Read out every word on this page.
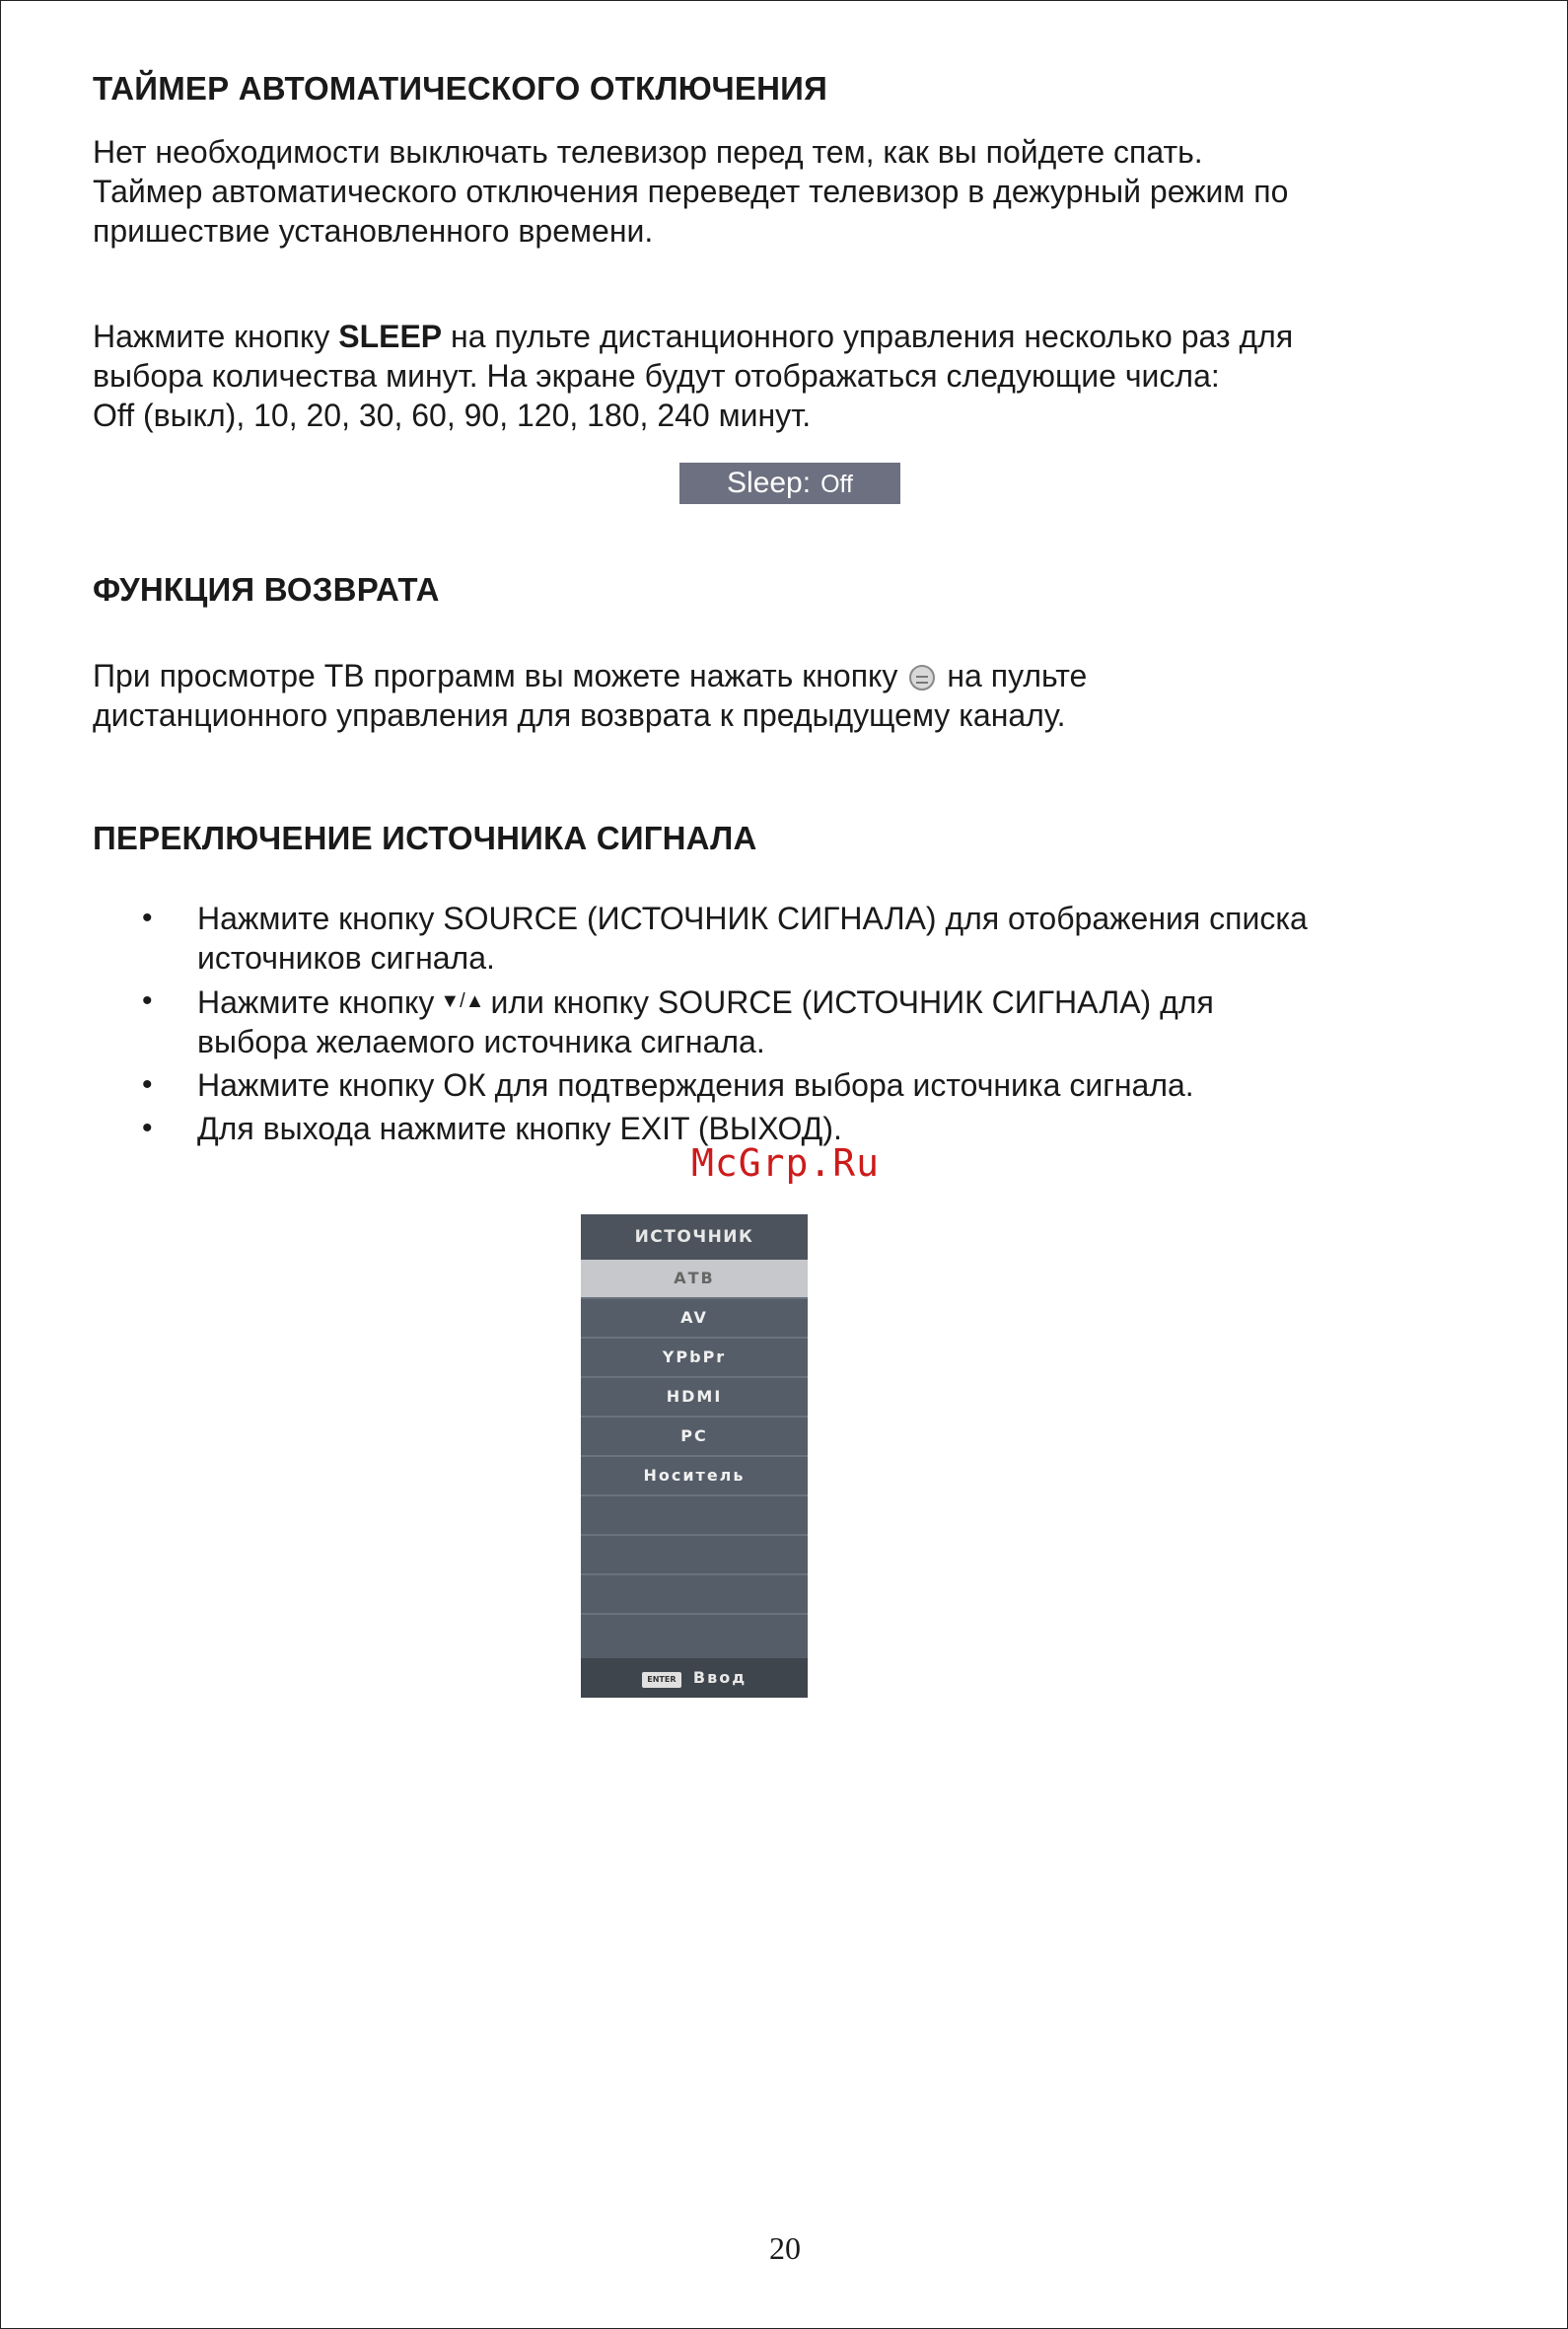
ТАЙМЕР АВТОМАТИЧЕСКОГО ОТКЛЮЧЕНИЯ
Нет необходимости выключать телевизор перед тем, как вы пойдете спать.
Таймер автоматического отключения переведет телевизор в дежурный режим по
пришествие установленного времени.
Нажмите кнопку SLEEP на пульте дистанционного управления несколько раз для
выбора количества минут. На экране будут отображаться следующие числа:
Off (выкл), 10, 20, 30, 60, 90, 120, 180, 240 минут.
Sleep: Off
ФУНКЦИЯ ВОЗВРАТА
При просмотре ТВ программ вы можете нажать кнопку на пульте
дистанционного управления для возврата к предыдущему каналу.
ПЕРЕКЛЮЧЕНИЕ ИСТОЧНИКА СИГНАЛА
• Нажмите кнопку SOURCE (ИСТОЧНИК СИГНАЛА) для отображения списка
источников сигнала.
• Нажмите кнопку ▼/▲ или кнопку SOURCE (ИСТОЧНИК СИГНАЛА) для
выбора желаемого источника сигнала.
• Нажмите кнопку ОК для подтверждения выбора источника сигнала.
• Для выхода нажмите кнопку EXIT (ВЫХОД).
McGrp.Ru
ИСТОЧНИК
АТВ
AV
YPbPr
HDMI
PC
Носитель
ENTER Ввод
20
